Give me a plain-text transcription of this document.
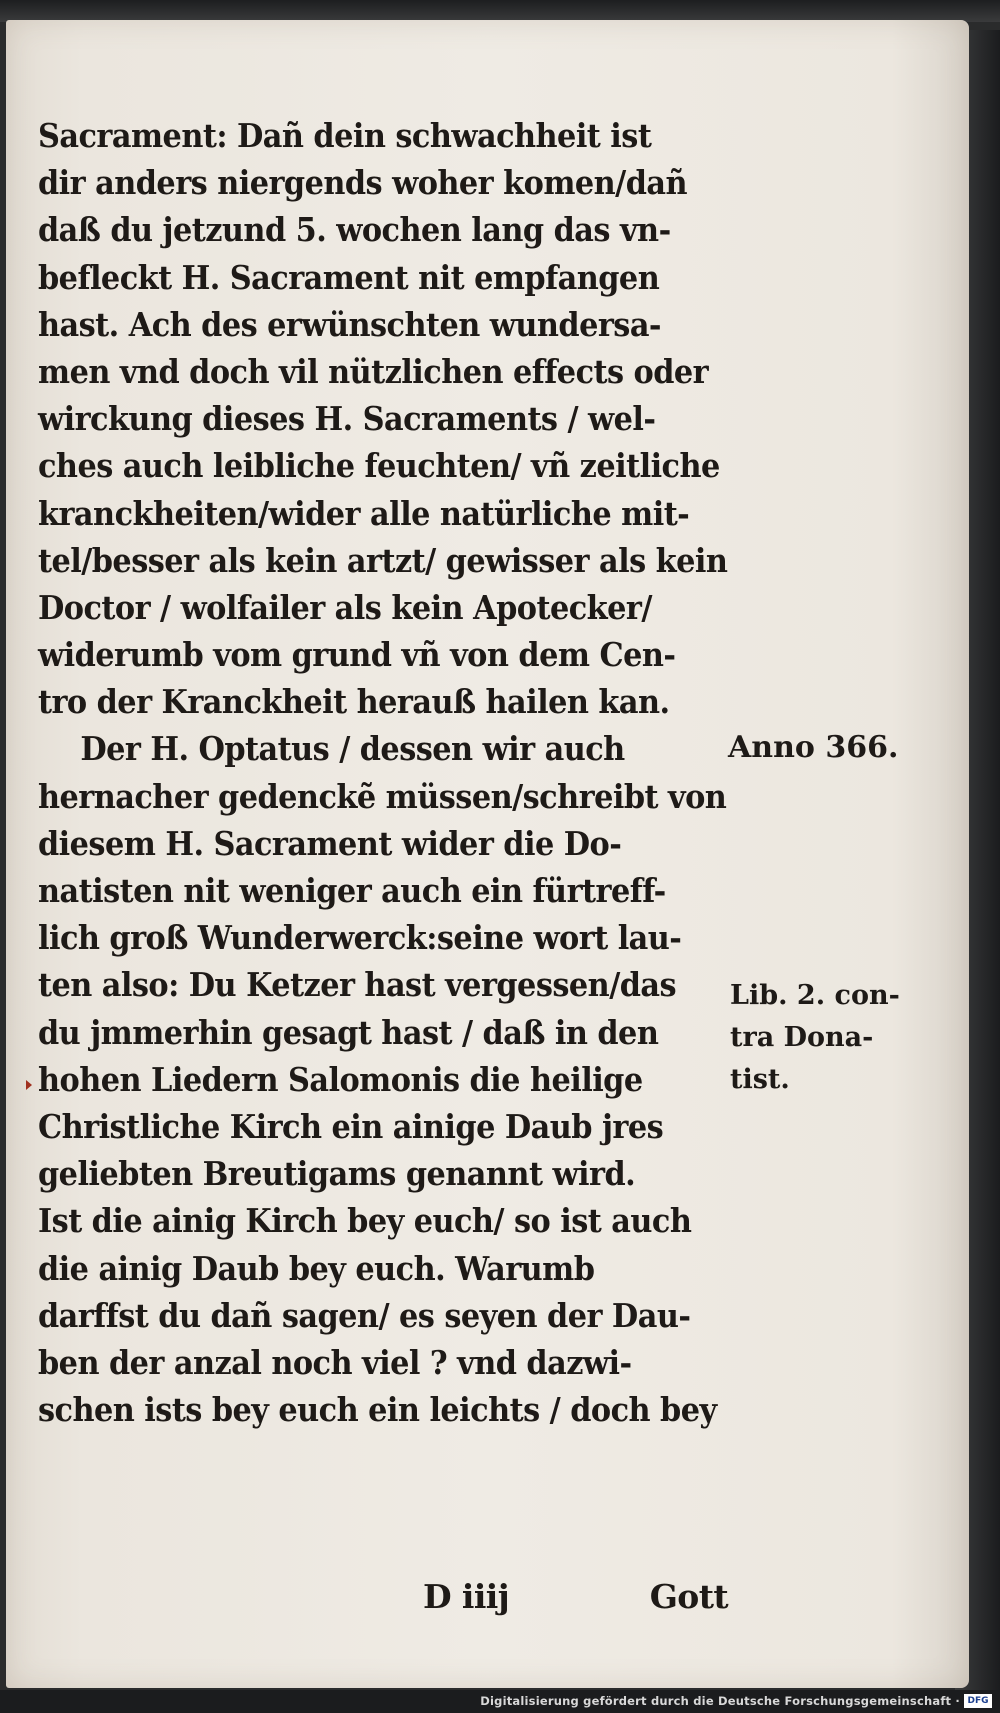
Sacrament: Dañ dein schwachheit ist
dir anders niergends woher komen/dañ
daß du jetzund 5. wochen lang das vn-
befleckt H. Sacrament nit empfangen
hast. Ach des erwünschten wundersa-
men vnd doch vil nützlichen effects oder
wirckung dieses H. Sacraments / wel-
ches auch leibliche feuchten/ vñ zeitliche
kranckheiten/wider alle natürliche mit-
tel/besser als kein artzt/ gewisser als kein
Doctor / wolfailer als kein Apotecker/
widerumb vom grund vñ von dem Cen-
tro der Kranckheit herauß hailen kan.
Der H. Optatus / dessen wir auch
hernacher gedenckẽ müssen/schreibt von
diesem H. Sacrament wider die Do-
natisten nit weniger auch ein fürtreff-
lich groß Wunderwerck:seine wort lau-
ten also: Du Ketzer hast vergessen/das
du jmmerhin gesagt hast / daß in den
hohen Liedern Salomonis die heilige
Christliche Kirch ein ainige Daub jres
geliebten Breutigams genannt wird.
Ist die ainig Kirch bey euch/ so ist auch
die ainig Daub bey euch. Warumb
darffst du dañ sagen/ es seyen der Dau-
ben der anzal noch viel ? vnd dazwi-
schen ists bey euch ein leichts / doch bey
D iiij	Gott
Anno 366.
Lib. 2. con-
tra Dona-
tist.
Digitalisierung gefördert durch die Deutsche Forschungsgemeinschaft · DFG
